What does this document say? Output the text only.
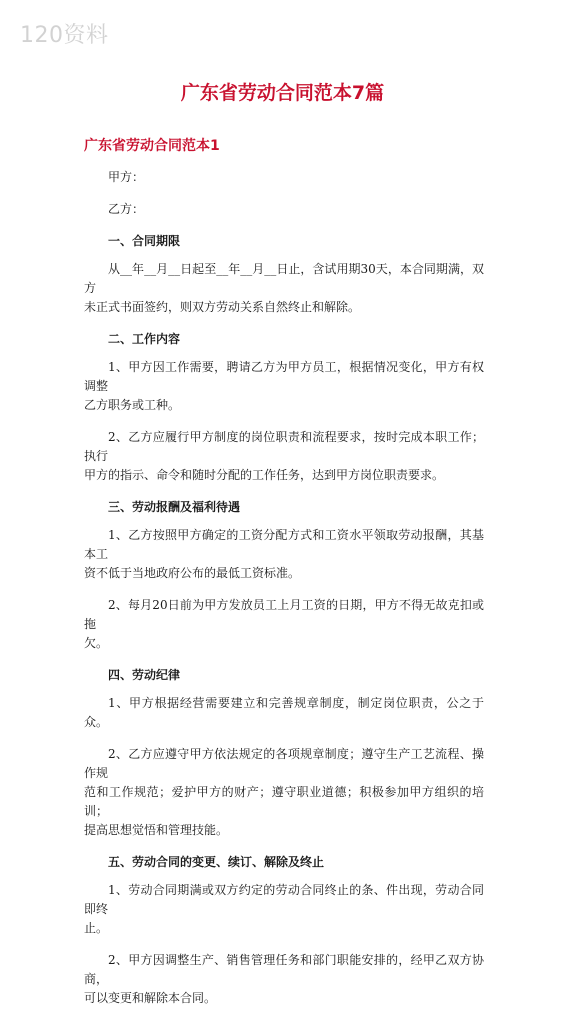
120资料
广东省劳动合同范本7篇
广东省劳动合同范本1
甲方：
乙方：
一、合同期限
从__年__月__日起至__年__月__日止，含试用期30天，本合同期满，双方
未正式书面签约，则双方劳动关系自然终止和解除。
二、工作内容
1、甲方因工作需要，聘请乙方为甲方员工，根据情况变化，甲方有权调整
乙方职务或工种。
2、乙方应履行甲方制度的岗位职责和流程要求，按时完成本职工作；执行
甲方的指示、命令和随时分配的工作任务，达到甲方岗位职责要求。
三、劳动报酬及福利待遇
1、乙方按照甲方确定的工资分配方式和工资水平领取劳动报酬，其基本工
资不低于当地政府公布的最低工资标准。
2、每月20日前为甲方发放员工上月工资的日期，甲方不得无故克扣或拖
欠。
四、劳动纪律
1、甲方根据经营需要建立和完善规章制度，制定岗位职责，公之于众。
2、乙方应遵守甲方依法规定的各项规章制度；遵守生产工艺流程、操作规
范和工作规范；爱护甲方的财产；遵守职业道德；积极参加甲方组织的培训；
提高思想觉悟和管理技能。
五、劳动合同的变更、续订、解除及终止
1、劳动合同期满或双方约定的劳动合同终止的条、件出现，劳动合同即终
止。
2、甲方因调整生产、销售管理任务和部门职能安排的，经甲乙双方协商，
可以变更和解除本合同。
